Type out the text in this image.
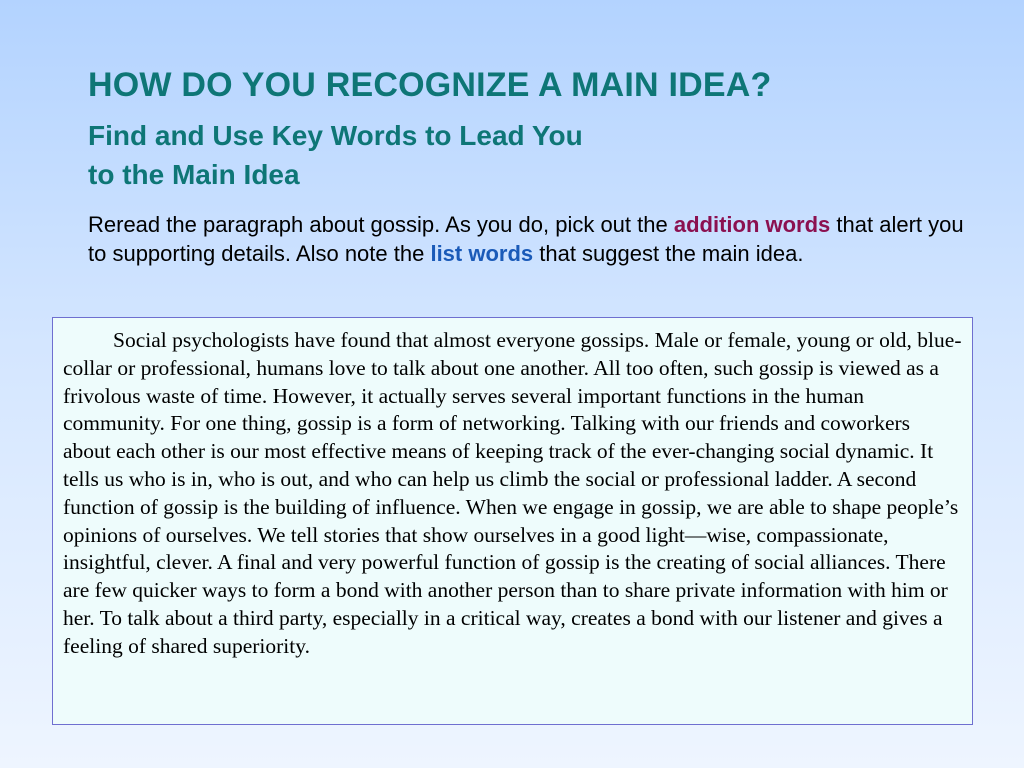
HOW DO YOU RECOGNIZE A MAIN IDEA?
Find and Use Key Words to Lead You
to the Main Idea

Reread the paragraph about gossip. As you do, pick out the addition words that alert you to supporting details. Also note the list words that suggest the main idea.

Social psychologists have found that almost everyone gossips. Male or female, young or old, blue-collar or professional, humans love to talk about one another. All too often, such gossip is viewed as a frivolous waste of time. However, it actually serves several important functions in the human community. For one thing, gossip is a form of networking. Talking with our friends and coworkers about each other is our most effective means of keeping track of the ever-changing social dynamic. It tells us who is in, who is out, and who can help us climb the social or professional ladder. A second function of gossip is the building of influence. When we engage in gossip, we are able to shape people’s opinions of ourselves. We tell stories that show ourselves in a good light—wise, compassionate, insightful, clever. A final and very powerful function of gossip is the creating of social alliances. There are few quicker ways to form a bond with another person than to share private information with him or her. To talk about a third party, especially in a critical way, creates a bond with our listener and gives a feeling of shared superiority.
